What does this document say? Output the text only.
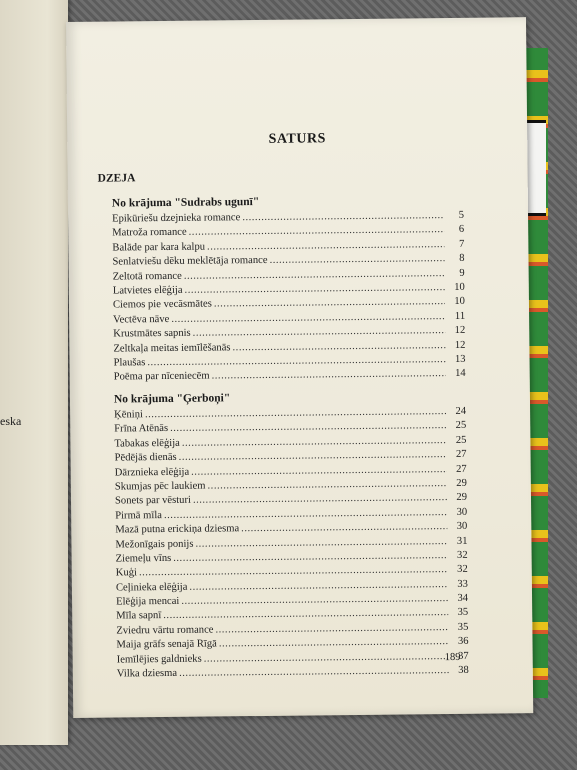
eska
SATURS
DZEJA
No krājuma "Sudrabs ugunī"
Epikūriešu dzejnieka romance .....	5
Matroža romance .....	6
Balāde par kara kalpu .....	7
Senlatviešu dēku meklētāja romance .....	8
Zeltotā romance .....	9
Latvietes elēģija .....	10
Ciemos pie vecāsmātes .....	10
Vectēva nāve .....	11
Krustmātes sapnis .....	12
Zeltkaļa meitas iemīlēšanās .....	12
Plaušas .....	13
Poēma par nīceniecēm .....	14
No krājuma "Ģerboņi"
Ķēniņi .....	24
Frīna Atēnās .....	25
Tabakas elēģija .....	25
Pēdējās dienās .....	27
Dārznieka elēģija .....	27
Skumjas pēc laukiem .....	29
Sonets par vēsturi .....	29
Pirmā mīla .....	30
Mazā putna erickiņa dziesma .....	30
Mežonīgais ponijs .....	31
Ziemeļu vīns .....	32
Kuģi .....	32
Ceļinieka elēģija .....	33
Elēģija mencai .....	34
Mīla sapnī .....	35
Zviedru vārtu romance .....	35
Maija grāfs senajā Rīgā .....	36
Iemīlējies galdnieks .....	37
Vilka dziesma .....	38
189
